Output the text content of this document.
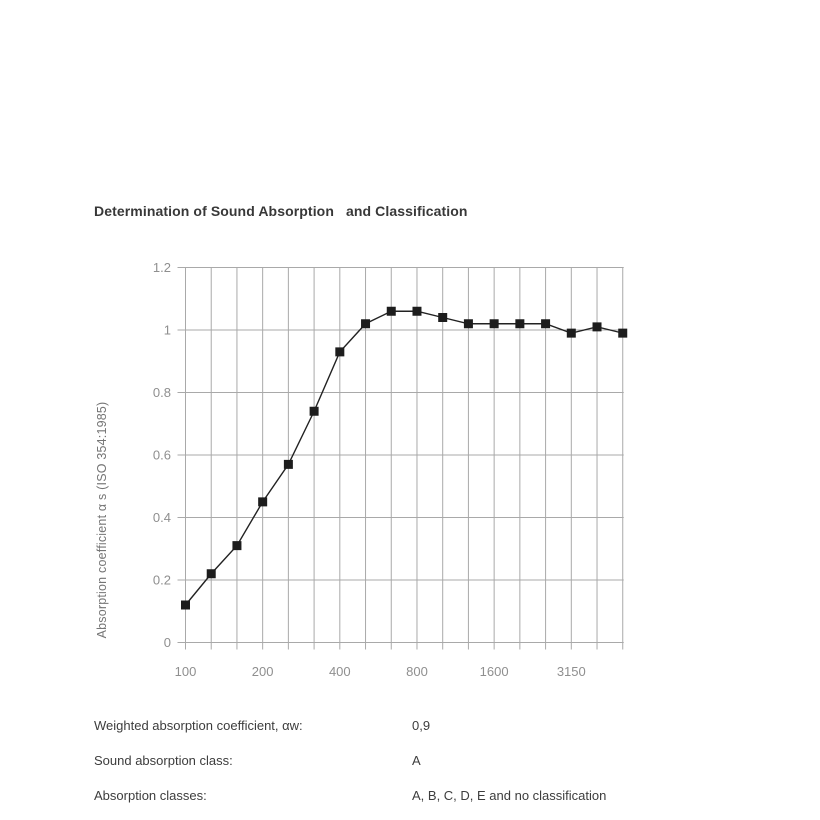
Determination of Sound Absorption   and Classification
0
0.2
0.4
0.6
0.8
1
1.2
100	200	400	800	1600	3150
Absorption coefficient α s (ISO 354:1985)
Weighted absorption coefficient, αw:	0,9
Sound absorption class:	A
Absorption classes:	A, B, C, D, E and no classification
